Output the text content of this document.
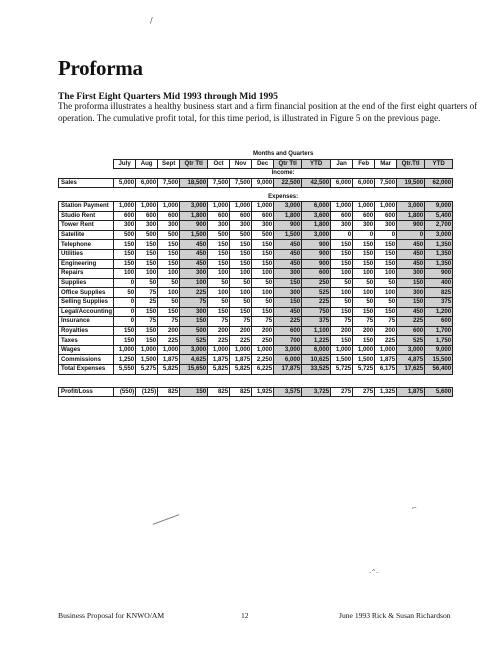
Proforma
The First Eight Quarters Mid 1993 through Mid 1995
The proforma illustrates a healthy business start and a firm financial position at the end of the first eight quarters of operation. The cumulative profit total, for this time period, is illustrated in Figure 5 on the previous page.
	Months and Quarters													
	July	Aug	Sept	Qtr Ttl	Oct	Nov	Dec	Qtr Ttl	YTD	Jan	Feb	Mar	Qtr.Ttl	YTD
	Income:													
Sales	5,000	6,000	7,500	18,500	7,500	7,500	9,000	22,500	42,500	6,000	6,000	7,500	19,500	62,000

	Expenses:													
Station Payment	1,000	1,000	1,000	3,000	1,000	1,000	1,000	3,000	6,000	1,000	1,000	1,000	3,000	9,000
Studio Rent	600	600	600	1,800	600	600	600	1,800	3,600	600	600	600	1,800	5,400
Tower Rent	300	300	300	900	300	300	300	900	1,800	300	300	300	900	2,700
Satellite	500	500	500	1,500	500	500	500	1,500	3,000	0	0	0	0	3,000
Telephone	150	150	150	450	150	150	150	450	900	150	150	150	450	1,350
Utilities	150	150	150	450	150	150	150	450	900	150	150	150	450	1,350
Engineering	150	150	150	450	150	150	150	450	900	150	150	150	450	1,350
Repairs	100	100	100	300	100	100	100	300	600	100	100	100	300	900
Supplies	0	50	50	100	50	50	50	150	250	50	50	50	150	400
Office Supplies	50	75	100	225	100	100	100	300	525	100	100	100	300	825
Selling Supplies	0	25	50	75	50	50	50	150	225	50	50	50	150	375
Legal/Accounting	0	150	150	300	150	150	150	450	750	150	150	150	450	1,200
Insurance	0	75	75	150	75	75	75	225	375	75	75	75	225	600
Royalties	150	150	200	500	200	200	200	600	1,100	200	200	200	600	1,700
Taxes	150	150	225	525	225	225	250	700	1,225	150	150	225	525	1,750
Wages	1,000	1,000	1,000	3,000	1,000	1,000	1,000	3,000	6,000	1,000	1,000	1,000	3,000	9,000
Commissions	1,250	1,500	1,875	4,625	1,875	1,875	2,250	6,000	10,625	1,500	1,500	1,875	4,875	15,500
Total Expenses	5,550	5,275	5,825	15,650	5,825	5,825	6,225	17,875	33,525	5,725	5,725	6,175	17,625	56,400

Profit/Loss	(550)	(125)	825	150	825	825	1,925	3,575	3,725	275	275	1,325	1,875	5,600
Business Proposal for KNWO/AM	12	June 1993 Rick & Susan Richardson
/
-^-
⌐
